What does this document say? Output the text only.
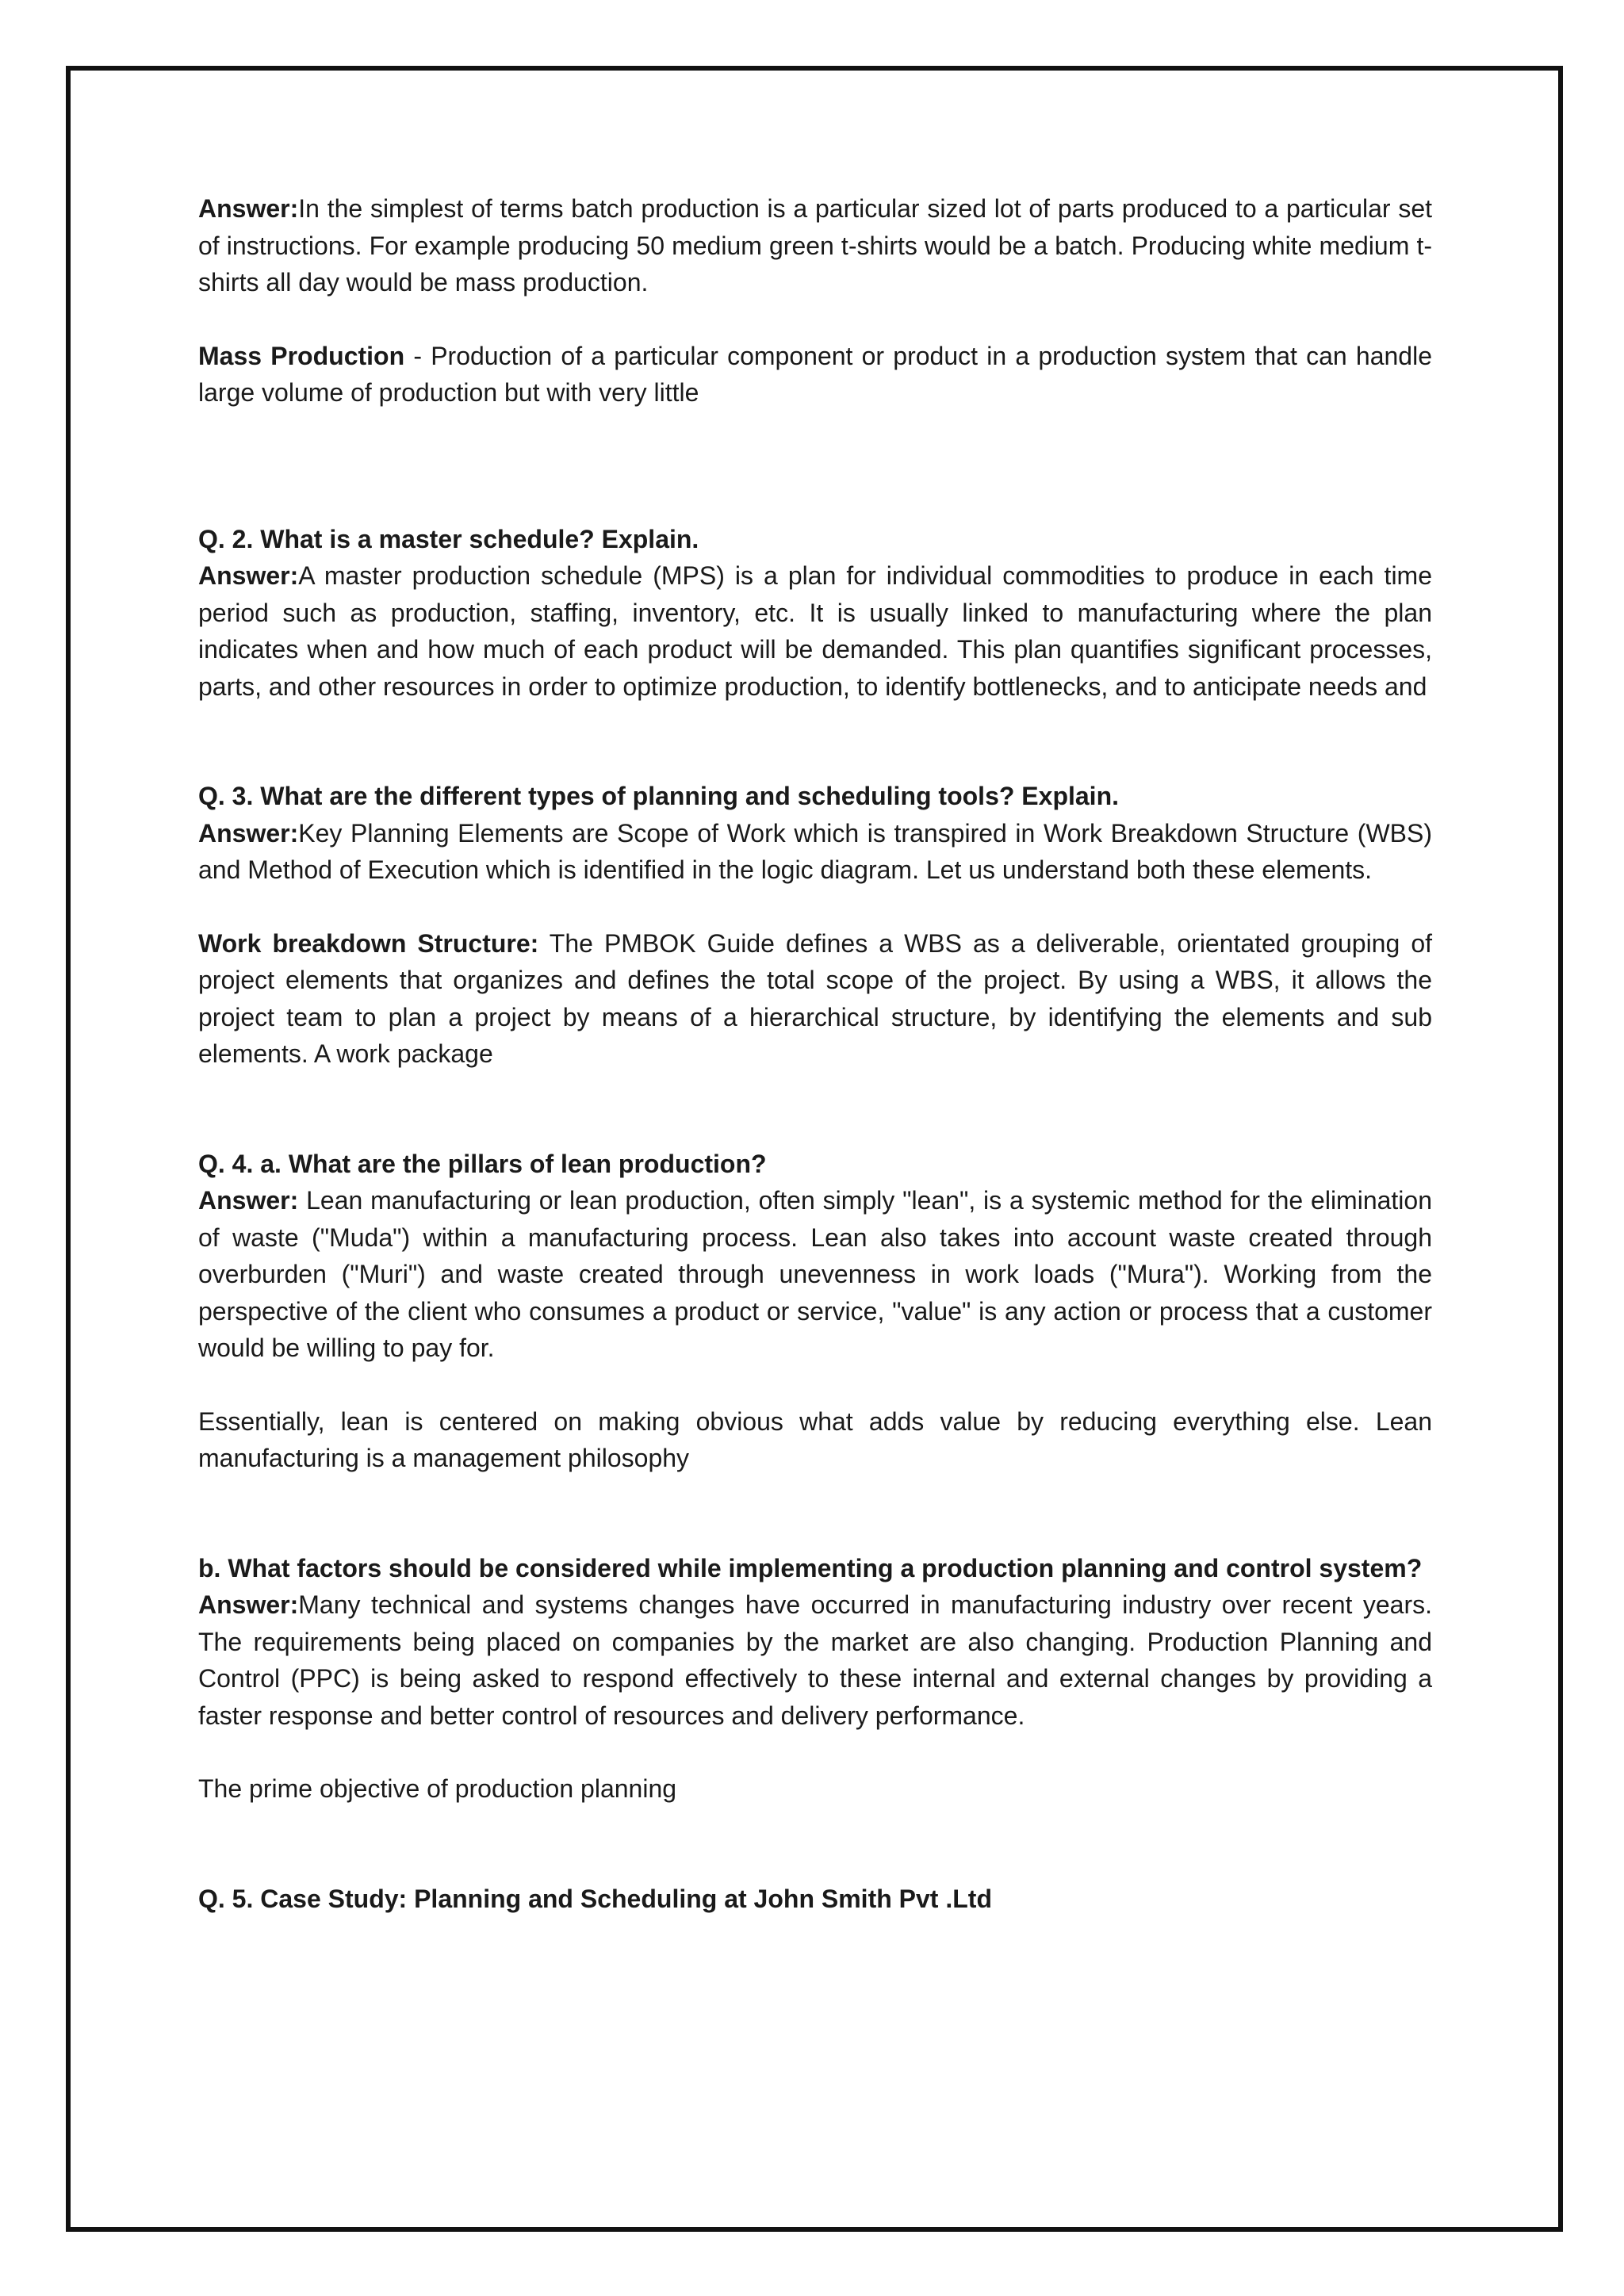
Answer:In the simplest of terms batch production is a particular sized lot of parts produced to a particular set of instructions. For example producing 50 medium green t-shirts would be a batch. Producing white medium t-shirts all day would be mass production.

Mass Production - Production of a particular component or product in a production system that can handle large volume of production but with very little

Q. 2. What is a master schedule? Explain.

Answer:A master production schedule (MPS) is a plan for individual commodities to produce in each time period such as production, staffing, inventory, etc. It is usually linked to manufacturing where the plan indicates when and how much of each product will be demanded. This plan quantifies significant processes, parts, and other resources in order to optimize production, to identify bottlenecks, and to anticipate needs and

Q. 3. What are the different types of planning and scheduling tools? Explain.

Answer:Key Planning Elements are Scope of Work which is transpired in Work Breakdown Structure (WBS) and Method of Execution which is identified in the logic diagram. Let us understand both these elements.

Work breakdown Structure: The PMBOK Guide defines a WBS as a deliverable, orientated grouping of project elements that organizes and defines the total scope of the project. By using a WBS, it allows the project team to plan a project by means of a hierarchical structure, by identifying the elements and sub elements. A work package

Q. 4. a. What are the pillars of lean production?

Answer: Lean manufacturing or lean production, often simply "lean", is a systemic method for the elimination of waste ("Muda") within a manufacturing process. Lean also takes into account waste created through overburden ("Muri") and waste created through unevenness in work loads ("Mura"). Working from the perspective of the client who consumes a product or service, "value" is any action or process that a customer would be willing to pay for.

Essentially, lean is centered on making obvious what adds value by reducing everything else. Lean manufacturing is a management philosophy

b. What factors should be considered while implementing a production planning and control system?

Answer:Many technical and systems changes have occurred in manufacturing industry over recent years. The requirements being placed on companies by the market are also changing. Production Planning and Control (PPC) is being asked to respond effectively to these internal and external changes by providing a faster response and better control of resources and delivery performance.

The prime objective of production planning

Q. 5. Case Study: Planning and Scheduling at John Smith Pvt .Ltd
